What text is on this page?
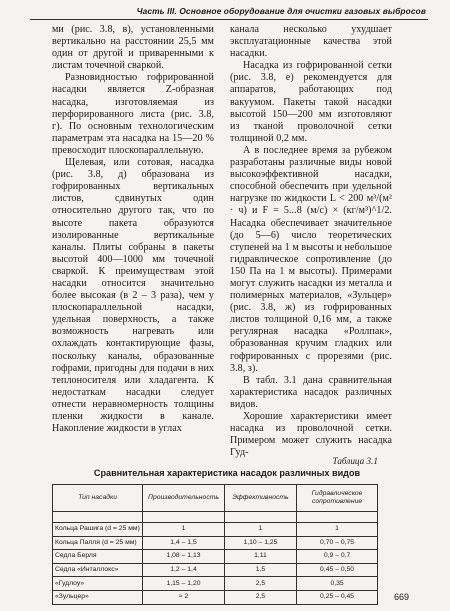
Часть III. Основное оборудование для очистки газовых выбросов

ми (рис. 3.8, в), установленными вертикально на расстоянии 25,5 мм один от другой и приваренными к листам точечной сваркой.

Разновидностью гофрированной насадки является Z-образная насадка, изготовляемая из перфорированного листа (рис. 3.8, г). По основным технологическим параметрам эта насадка на 15—20 % превосходит плоскопараллельную.

Щелевая, или сотовая, насадка (рис. 3.8, д) образована из гофрированных вертикальных листов, сдвинутых один относительно другого так, что по высоте пакета образуются изолированные вертикальные каналы. Плиты собраны в пакеты высотой 400—1000 мм точечной сваркой. К преимуществам этой насадки относится значительно более высокая (в 2 – 3 раза), чем у плоскопараллельной насадки, удельная поверхность, а также возможность нагревать или охлаждать контактирующие фазы, поскольку каналы, образованные гофрами, пригодны для подачи в них теплоносителя или хладагента. К недостаткам насадки следует отнести неравномерность толщины пленки жидкости в канале. Накопление жидкости в углах

канала несколько ухудшает эксплуатационные качества этой насадки.

Насадка из гофрированной сетки (рис. 3.8, е) рекомендуется для аппаратов, работающих под вакуумом. Пакеты такой насадки высотой 150—200 мм изготовляют из тканой проволочной сетки толщиной 0,2 мм.

А в последнее время за рубежом разработаны различные виды новой высокоэффективной насадки, способной обеспечить при удельной нагрузке по жидкости L < 200 м³/(м² · ч) и F = 5...8 (м/с) × (кг/м³)^1/2. Насадка обеспечивает значительное (до 5—6) число теоретических ступеней на 1 м высоты и небольшое гидравлическое сопротивление (до 150 Па на 1 м высоты). Примерами могут служить насадки из металла и полимерных материалов, «Зульцер» (рис. 3.8, ж) из гофрированных листов толщиной 0,16 мм, а также регулярная насадка «Роллпак», образованная кручим гладких или гофрированных с прорезями (рис. 3.8, з).

В табл. 3.1 дана сравнительная характеристика насадок различных видов.

Хорошие характеристики имеет насадка из проволочной сетки. Примером может служить насадка Гуд-

Таблица 3.1
Сравнительная характеристика насадок различных видов
Тип насадки	Производительность	Эффективность	Гидравлическое сопротивление

Кольца Рашига (d = 25 мм)	1	1	1
Кольца Палля (d = 25 мм)	1,4 – 1,5	1,10 – 1,25	0,70 – 0,75
Седла Берля	1,08 – 1,13	1,11	0,9 – 0,7
Седла «Инталлокс»	1,2 – 1,4	1,5	0,45 – 0,50
«Гудлоу»	1,15 – 1,20	2,5	0,35
«Зульцер»	≈ 2	2,5	0,25 – 0,45	669
